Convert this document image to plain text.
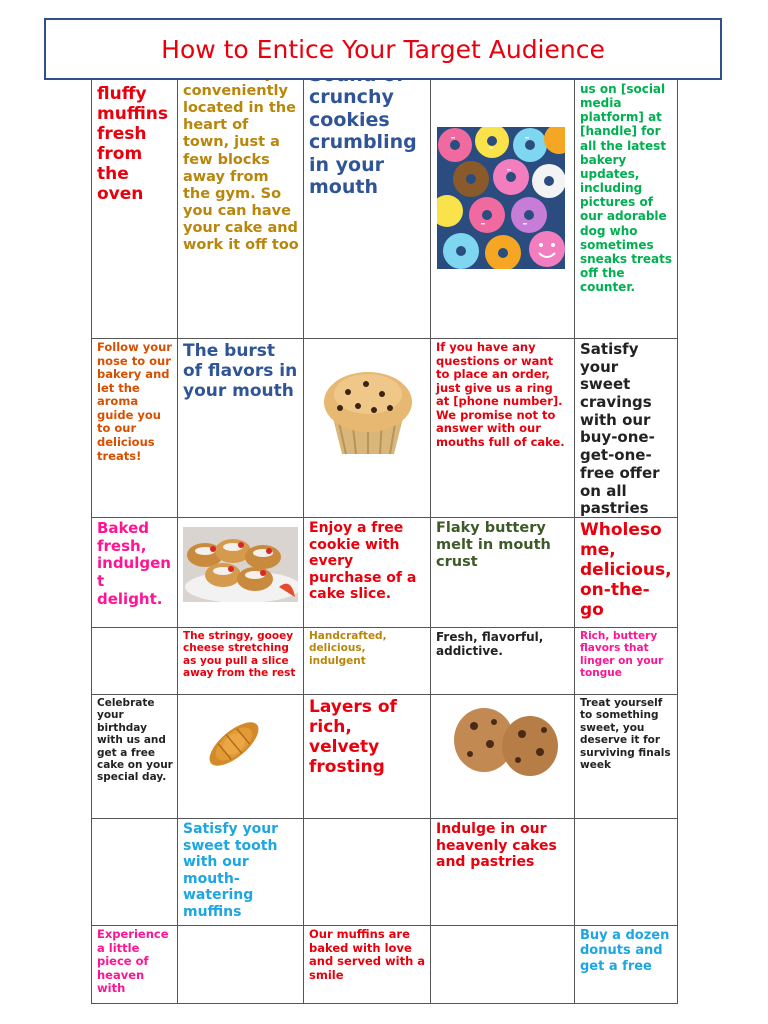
How to Entice Your Target Audience
fluffy muffins fresh from the oven
conveniently located in the heart of town, just a few blocks away from the gym. So you can have your cake and work it off too
crunchy cookies crumbling in your mouth
us on [social media platform] at [handle] for all the latest bakery updates, including pictures of our adorable dog who sometimes sneaks treats off the counter.
Follow your nose to our bakery and let the aroma guide you to our delicious treats!
The burst of flavors in your mouth
If you have any questions or want to place an order, just give us a ring at [phone number]. We promise not to answer with our mouths full of cake.
Satisfy your sweet cravings with our buy-one-get-one-free offer on all pastries
Baked fresh, indulgent delight.
Enjoy a free cookie with every purchase of a cake slice.
Flaky buttery melt in mouth crust
Wholesome, delicious, on-the-go
The stringy, gooey cheese stretching as you pull a slice away from the rest
Handcrafted, delicious, indulgent
Fresh, flavorful, addictive.
Rich, buttery flavors that linger on your tongue
Celebrate your birthday with us and get a free cake on your special day.
Layers of rich, velvety frosting
Treat yourself to something sweet, you deserve it for surviving finals week
Satisfy your sweet tooth with our mouth-watering muffins
Indulge in our heavenly cakes and pastries
Experience a little piece of heaven with
Our muffins are baked with love and served with a smile
Buy a dozen donuts and get a free
